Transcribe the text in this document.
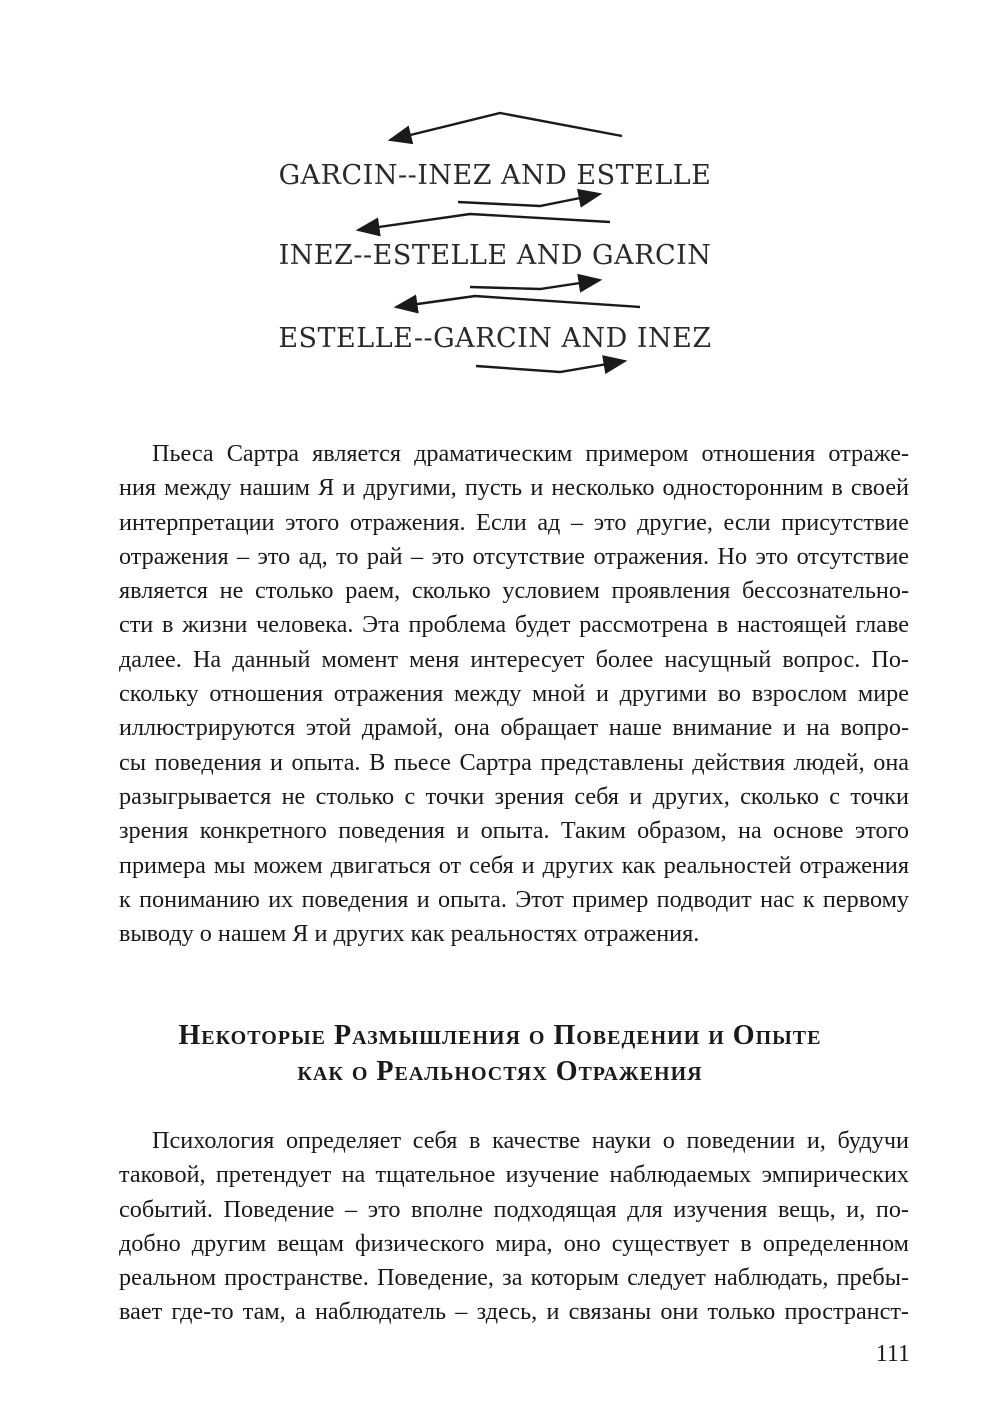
GARCIN--INEZ AND ESTELLE
INEZ--ESTELLE AND GARCIN
ESTELLE--GARCIN AND INEZ
Пьеса Сартра является драматическим примером отношения отраже-
ния между нашим Я и другими, пусть и несколько односторонним в своей
интерпретации этого отражения. Если ад – это другие, если присутствие
отражения – это ад, то рай – это отсутствие отражения. Но это отсутствие
является не столько раем, сколько условием проявления бессознательно-
сти в жизни человека. Эта проблема будет рассмотрена в настоящей главе
далее. На данный момент меня интересует более насущный вопрос. По-
скольку отношения отражения между мной и другими во взрослом мире
иллюстрируются этой драмой, она обращает наше внимание и на вопро-
сы поведения и опыта. В пьесе Сартра представлены действия людей, она
разыгрывается не столько с точки зрения себя и других, сколько с точки
зрения конкретного поведения и опыта. Таким образом, на основе этого
примера мы можем двигаться от себя и других как реальностей отражения
к пониманию их поведения и опыта. Этот пример подводит нас к первому
выводу о нашем Я и других как реальностях отражения.
Некоторые Размышления о Поведении и Опыте
как о Реальностях Отражения
Психология определяет себя в качестве науки о поведении и, будучи
таковой, претендует на тщательное изучение наблюдаемых эмпирических
событий. Поведение – это вполне подходящая для изучения вещь, и, по-
добно другим вещам физического мира, оно существует в определенном
реальном пространстве. Поведение, за которым следует наблюдать, пребы-
вает где-то там, а наблюдатель – здесь, и связаны они только пространст-
111
